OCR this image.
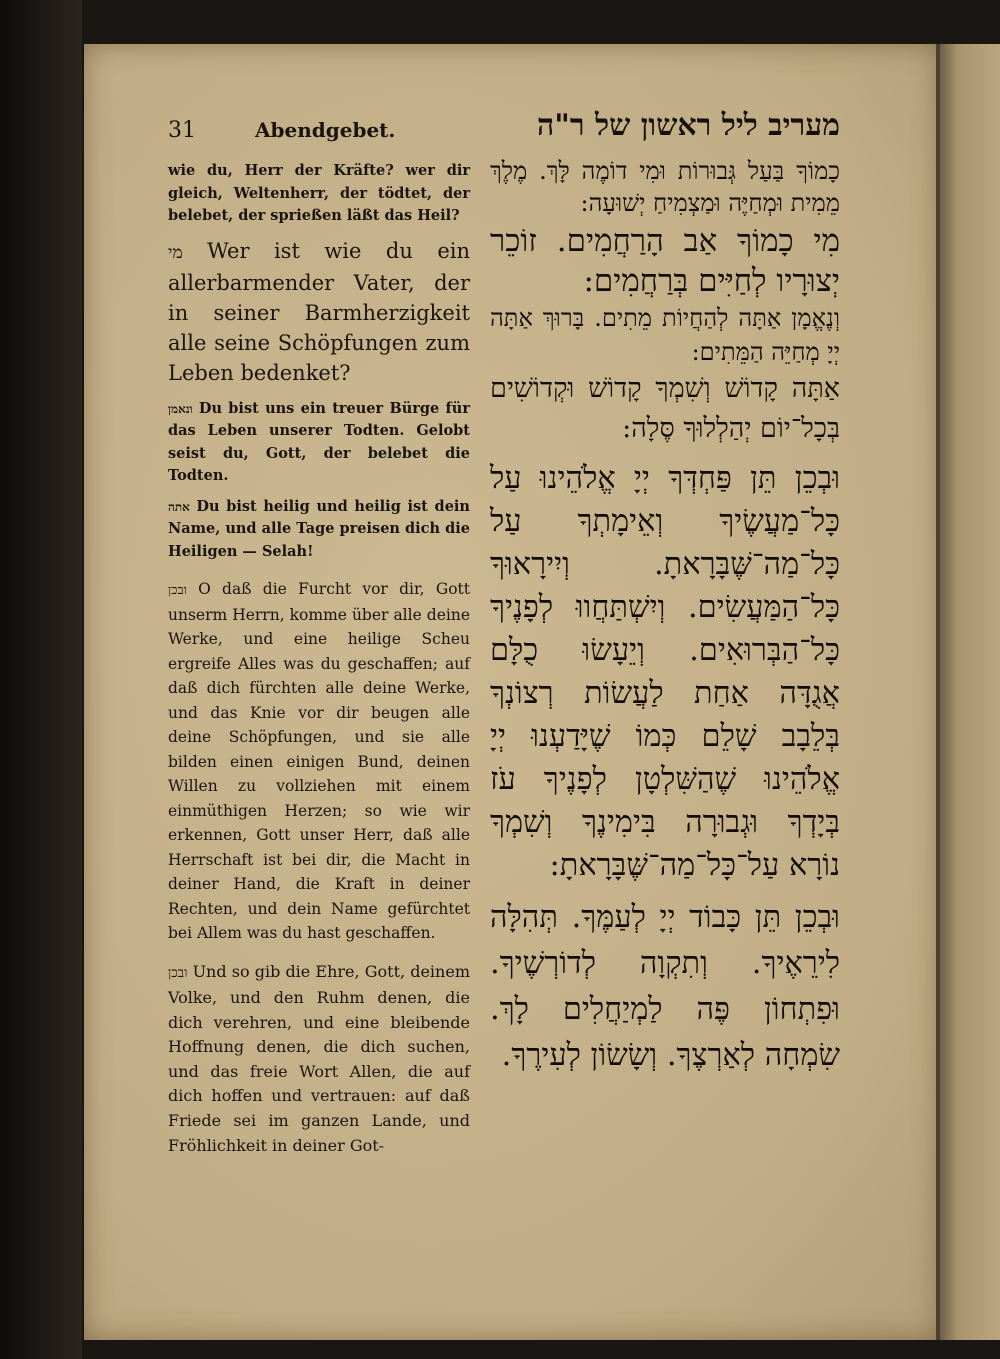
31	Abendgebet.	מעריב ליל ראשון של ר"ה

wie du, Herr der Kräfte? wer dir gleich, Weltenherr, der tödtet, der belebet, der sprießen läßt das Heil?

מי Wer ist wie du ein allerbarmender Vater, der in seiner Barmherzigkeit alle seine Schöpfungen zum Leben bedenket?

ונאמן Du bist uns ein treuer Bürge für das Leben unserer Todten. Gelobt seist du, Gott, der belebet die Todten.

אתה Du bist heilig und heilig ist dein Name, und alle Tage preisen dich die Heiligen — Selah!

ובכן O daß die Furcht vor dir, Gott unserm Herrn, komme über alle deine Werke, und eine heilige Scheu ergreife Alles was du geschaffen; auf daß dich fürchten alle deine Werke, und das Knie vor dir beugen alle deine Schöpfungen, und sie alle bilden einen einigen Bund, deinen Willen zu vollziehen mit einem einmüthigen Herzen; so wie wir erkennen, Gott unser Herr, daß alle Herrschaft ist bei dir, die Macht in deiner Hand, die Kraft in deiner Rechten, und dein Name gefürchtet bei Allem was du hast geschaffen.

ובכן Und so gib die Ehre, Gott, deinem Volke, und den Ruhm denen, die dich verehren, und eine bleibende Hoffnung denen, die dich suchen, und das freie Wort Allen, die auf dich hoffen und vertrauen: auf daß Friede sei im ganzen Lande, und Fröhlichkeit in deiner Got-

כָמוֹךָ בַּעַל גְּבוּרוֹת וּמִי דוֹמֶה לָּךְ. מֶלֶךְ מֵמִית וּמְחַיֶּה וּמַצְמִיחַ יְשׁוּעָה:

מִי כָמוֹךָ אַב הָרַחֲמִים. זוֹכֵר יְצוּרָיו לְחַיִּים בְּרַחֲמִים:

וְנֶאֱמָן אַתָּה לְהַחֲיוֹת מֵתִים. בָּרוּךְ אַתָּה יְיָ מְחַיֵּה הַמֵּתִים:

אַתָּה קָדוֹשׁ וְשִׁמְךָ קָדוֹשׁ וּקְדוֹשִׁים בְּכָל־יוֹם יְהַלְלוּךָ סֶּלָה:

וּבְכֵן תֵּן פַּחְדְּךָ יְיָ אֱלֹהֵינוּ עַל כָּל־מַעֲשֶׂיךָ וְאֵימָתְךָ עַל כָּל־מַה־שֶּׁבָּרָאתָ. וְיִירָאוּךָ כָּל־הַמַּעֲשִׂים. וְיִשְׁתַּחֲווּ לְפָנֶיךָ כָּל־הַבְּרוּאִים. וְיֵעָשׂוּ כֻלָּם אֲגֻדָּה אַחַת לַעֲשׂוֹת רְצוֹנְךָ בְּלֵבָב שָׁלֵם כְּמוֹ שֶׁיָּדַעְנוּ יְיָ אֱלֹהֵינוּ שֶׁהַשִּׁלְטָן לְפָנֶיךָ עֹז בְּיָדְךָ וּגְבוּרָה בִּימִינֶךָ וְשִׁמְךָ נוֹרָא עַל־כָּל־מַה־שֶּׁבָּרָאתָ:

וּבְכֵן תֵּן כָּבוֹד יְיָ לְעַמֶּךָ. תְּהִלָּה לִירֵאֶיךָ. וְתִקְוָה לְדוֹרְשֶׁיךָ. וּפִתְחוֹן פֶּה לַמְיַחֲלִים לָךְ. שִׂמְחָה לְאַרְצֶךָ. וְשָׂשׂוֹן לְעִירֶךָ.
